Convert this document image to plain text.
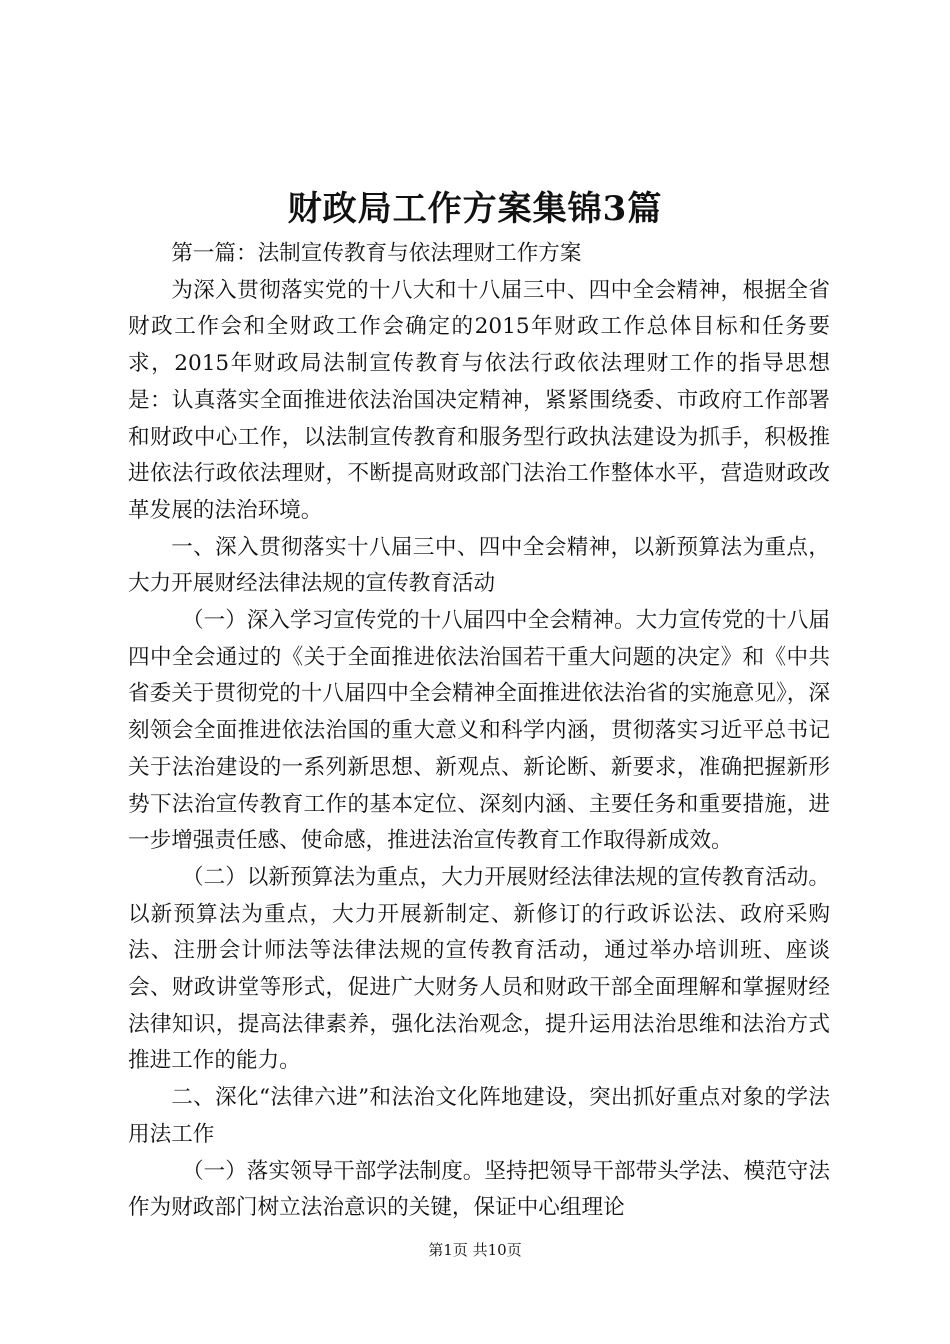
财政局工作方案集锦3篇

第一篇：法制宣传教育与依法理财工作方案

为深入贯彻落实党的十八大和十八届三中、四中全会精神，根据全省财政工作会和全财政工作会确定的2015年财政工作总体目标和任务要求，2015年财政局法制宣传教育与依法行政依法理财工作的指导思想是：认真落实全面推进依法治国决定精神，紧紧围绕委、市政府工作部署和财政中心工作，以法制宣传教育和服务型行政执法建设为抓手，积极推进依法行政依法理财，不断提高财政部门法治工作整体水平，营造财政改革发展的法治环境。

一、深入贯彻落实十八届三中、四中全会精神，以新预算法为重点，大力开展财经法律法规的宣传教育活动

（一）深入学习宣传党的十八届四中全会精神。大力宣传党的十八届四中全会通过的《关于全面推进依法治国若干重大问题的决定》和《中共省委关于贯彻党的十八届四中全会精神全面推进依法治省的实施意见》，深刻领会全面推进依法治国的重大意义和科学内涵，贯彻落实习近平总书记关于法治建设的一系列新思想、新观点、新论断、新要求，准确把握新形势下法治宣传教育工作的基本定位、深刻内涵、主要任务和重要措施，进一步增强责任感、使命感，推进法治宣传教育工作取得新成效。

（二）以新预算法为重点，大力开展财经法律法规的宣传教育活动。以新预算法为重点，大力开展新制定、新修订的行政诉讼法、政府采购法、注册会计师法等法律法规的宣传教育活动，通过举办培训班、座谈会、财政讲堂等形式，促进广大财务人员和财政干部全面理解和掌握财经法律知识，提高法律素养，强化法治观念，提升运用法治思维和法治方式推进工作的能力。

二、深化“法律六进”和法治文化阵地建设，突出抓好重点对象的学法用法工作

（一）落实领导干部学法制度。坚持把领导干部带头学法、模范守法作为财政部门树立法治意识的关键，保证中心组理论

第1页 共10页
